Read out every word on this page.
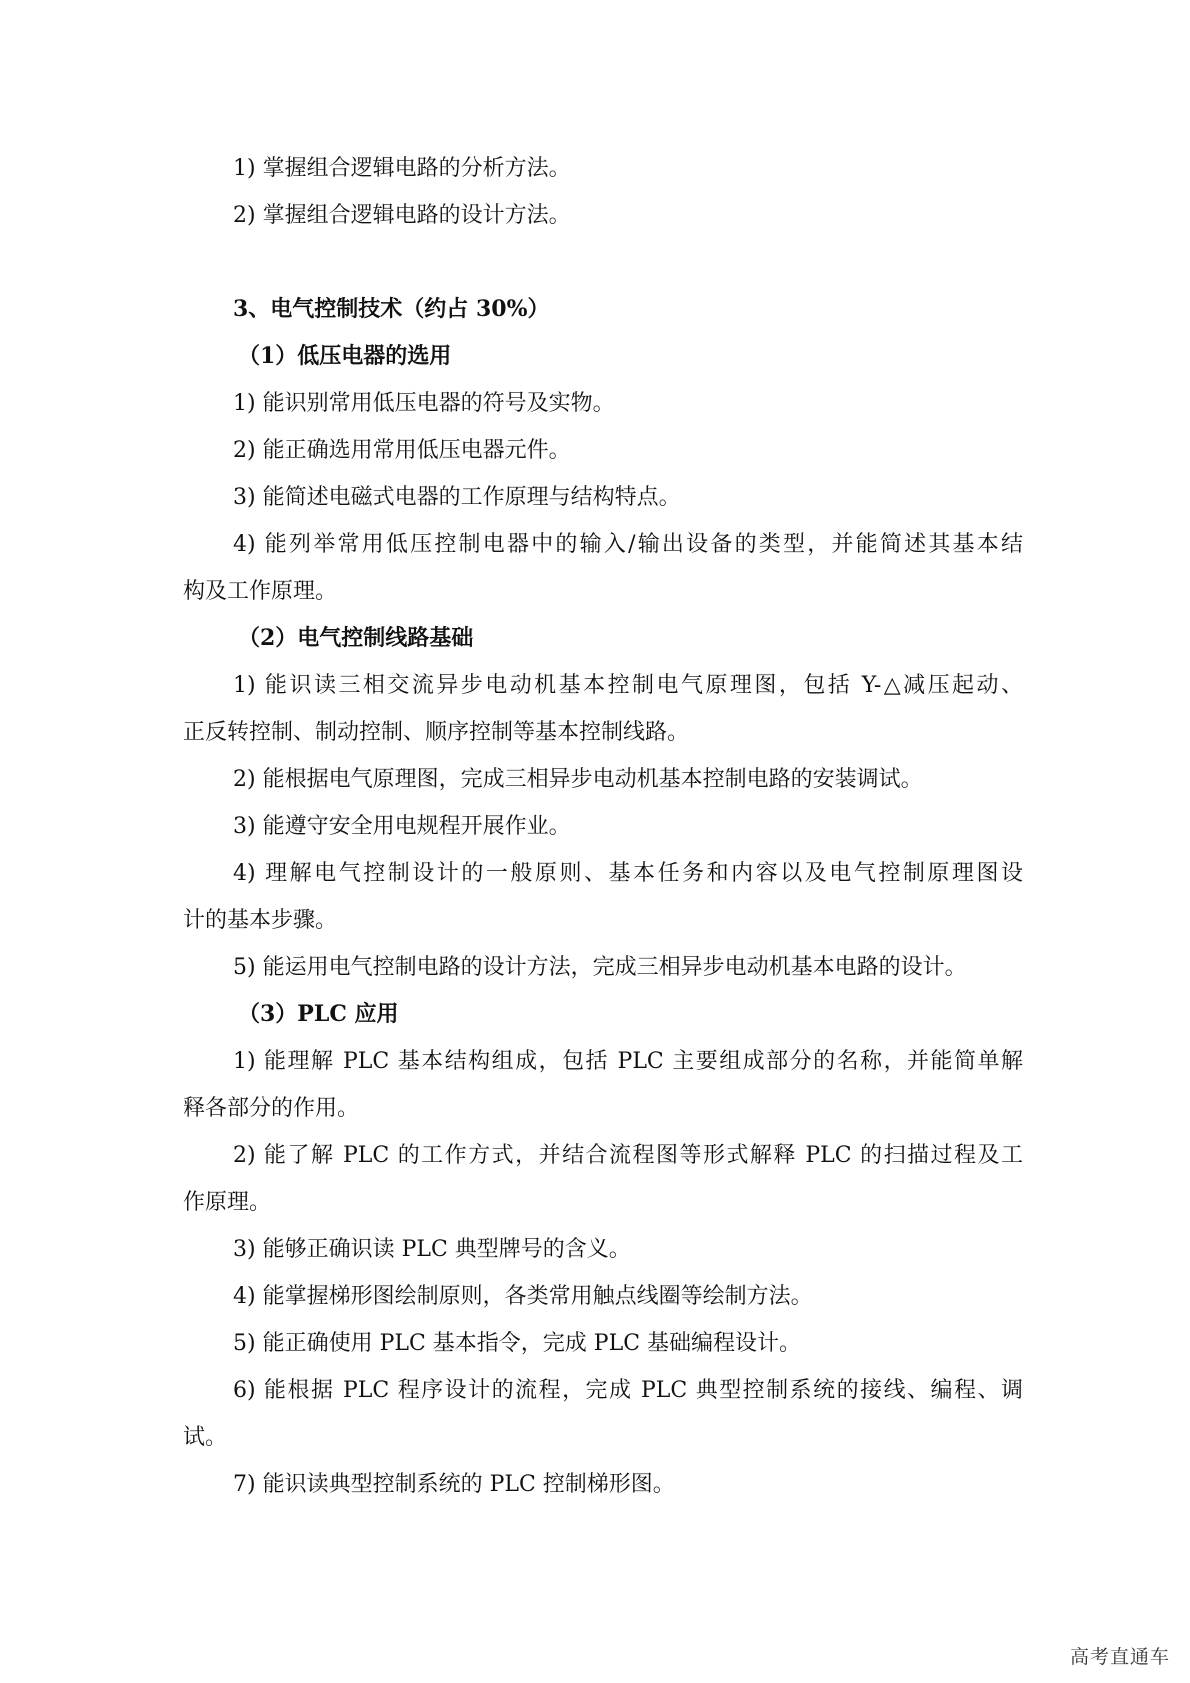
1) 掌握组合逻辑电路的分析方法。

2) 掌握组合逻辑电路的设计方法。

3、电气控制技术（约占 30%）

（1）低压电器的选用

1) 能识别常用低压电器的符号及实物。

2) 能正确选用常用低压电器元件。

3) 能简述电磁式电器的工作原理与结构特点。

4) 能列举常用低压控制电器中的输入/输出设备的类型，并能简述其基本结

构及工作原理。

（2）电气控制线路基础

1) 能识读三相交流异步电动机基本控制电气原理图，包括 Y-△减压起动、

正反转控制、制动控制、顺序控制等基本控制线路。

2) 能根据电气原理图，完成三相异步电动机基本控制电路的安装调试。

3) 能遵守安全用电规程开展作业。

4) 理解电气控制设计的一般原则、基本任务和内容以及电气控制原理图设

计的基本步骤。

5) 能运用电气控制电路的设计方法，完成三相异步电动机基本电路的设计。

（3）PLC 应用

1) 能理解 PLC 基本结构组成，包括 PLC 主要组成部分的名称，并能简单解

释各部分的作用。

2) 能了解 PLC 的工作方式，并结合流程图等形式解释 PLC 的扫描过程及工

作原理。

3) 能够正确识读 PLC 典型牌号的含义。

4) 能掌握梯形图绘制原则，各类常用触点线圈等绘制方法。

5) 能正确使用 PLC 基本指令，完成 PLC 基础编程设计。

6) 能根据 PLC 程序设计的流程，完成 PLC 典型控制系统的接线、编程、调

试。

7) 能识读典型控制系统的 PLC 控制梯形图。

高考直通车
